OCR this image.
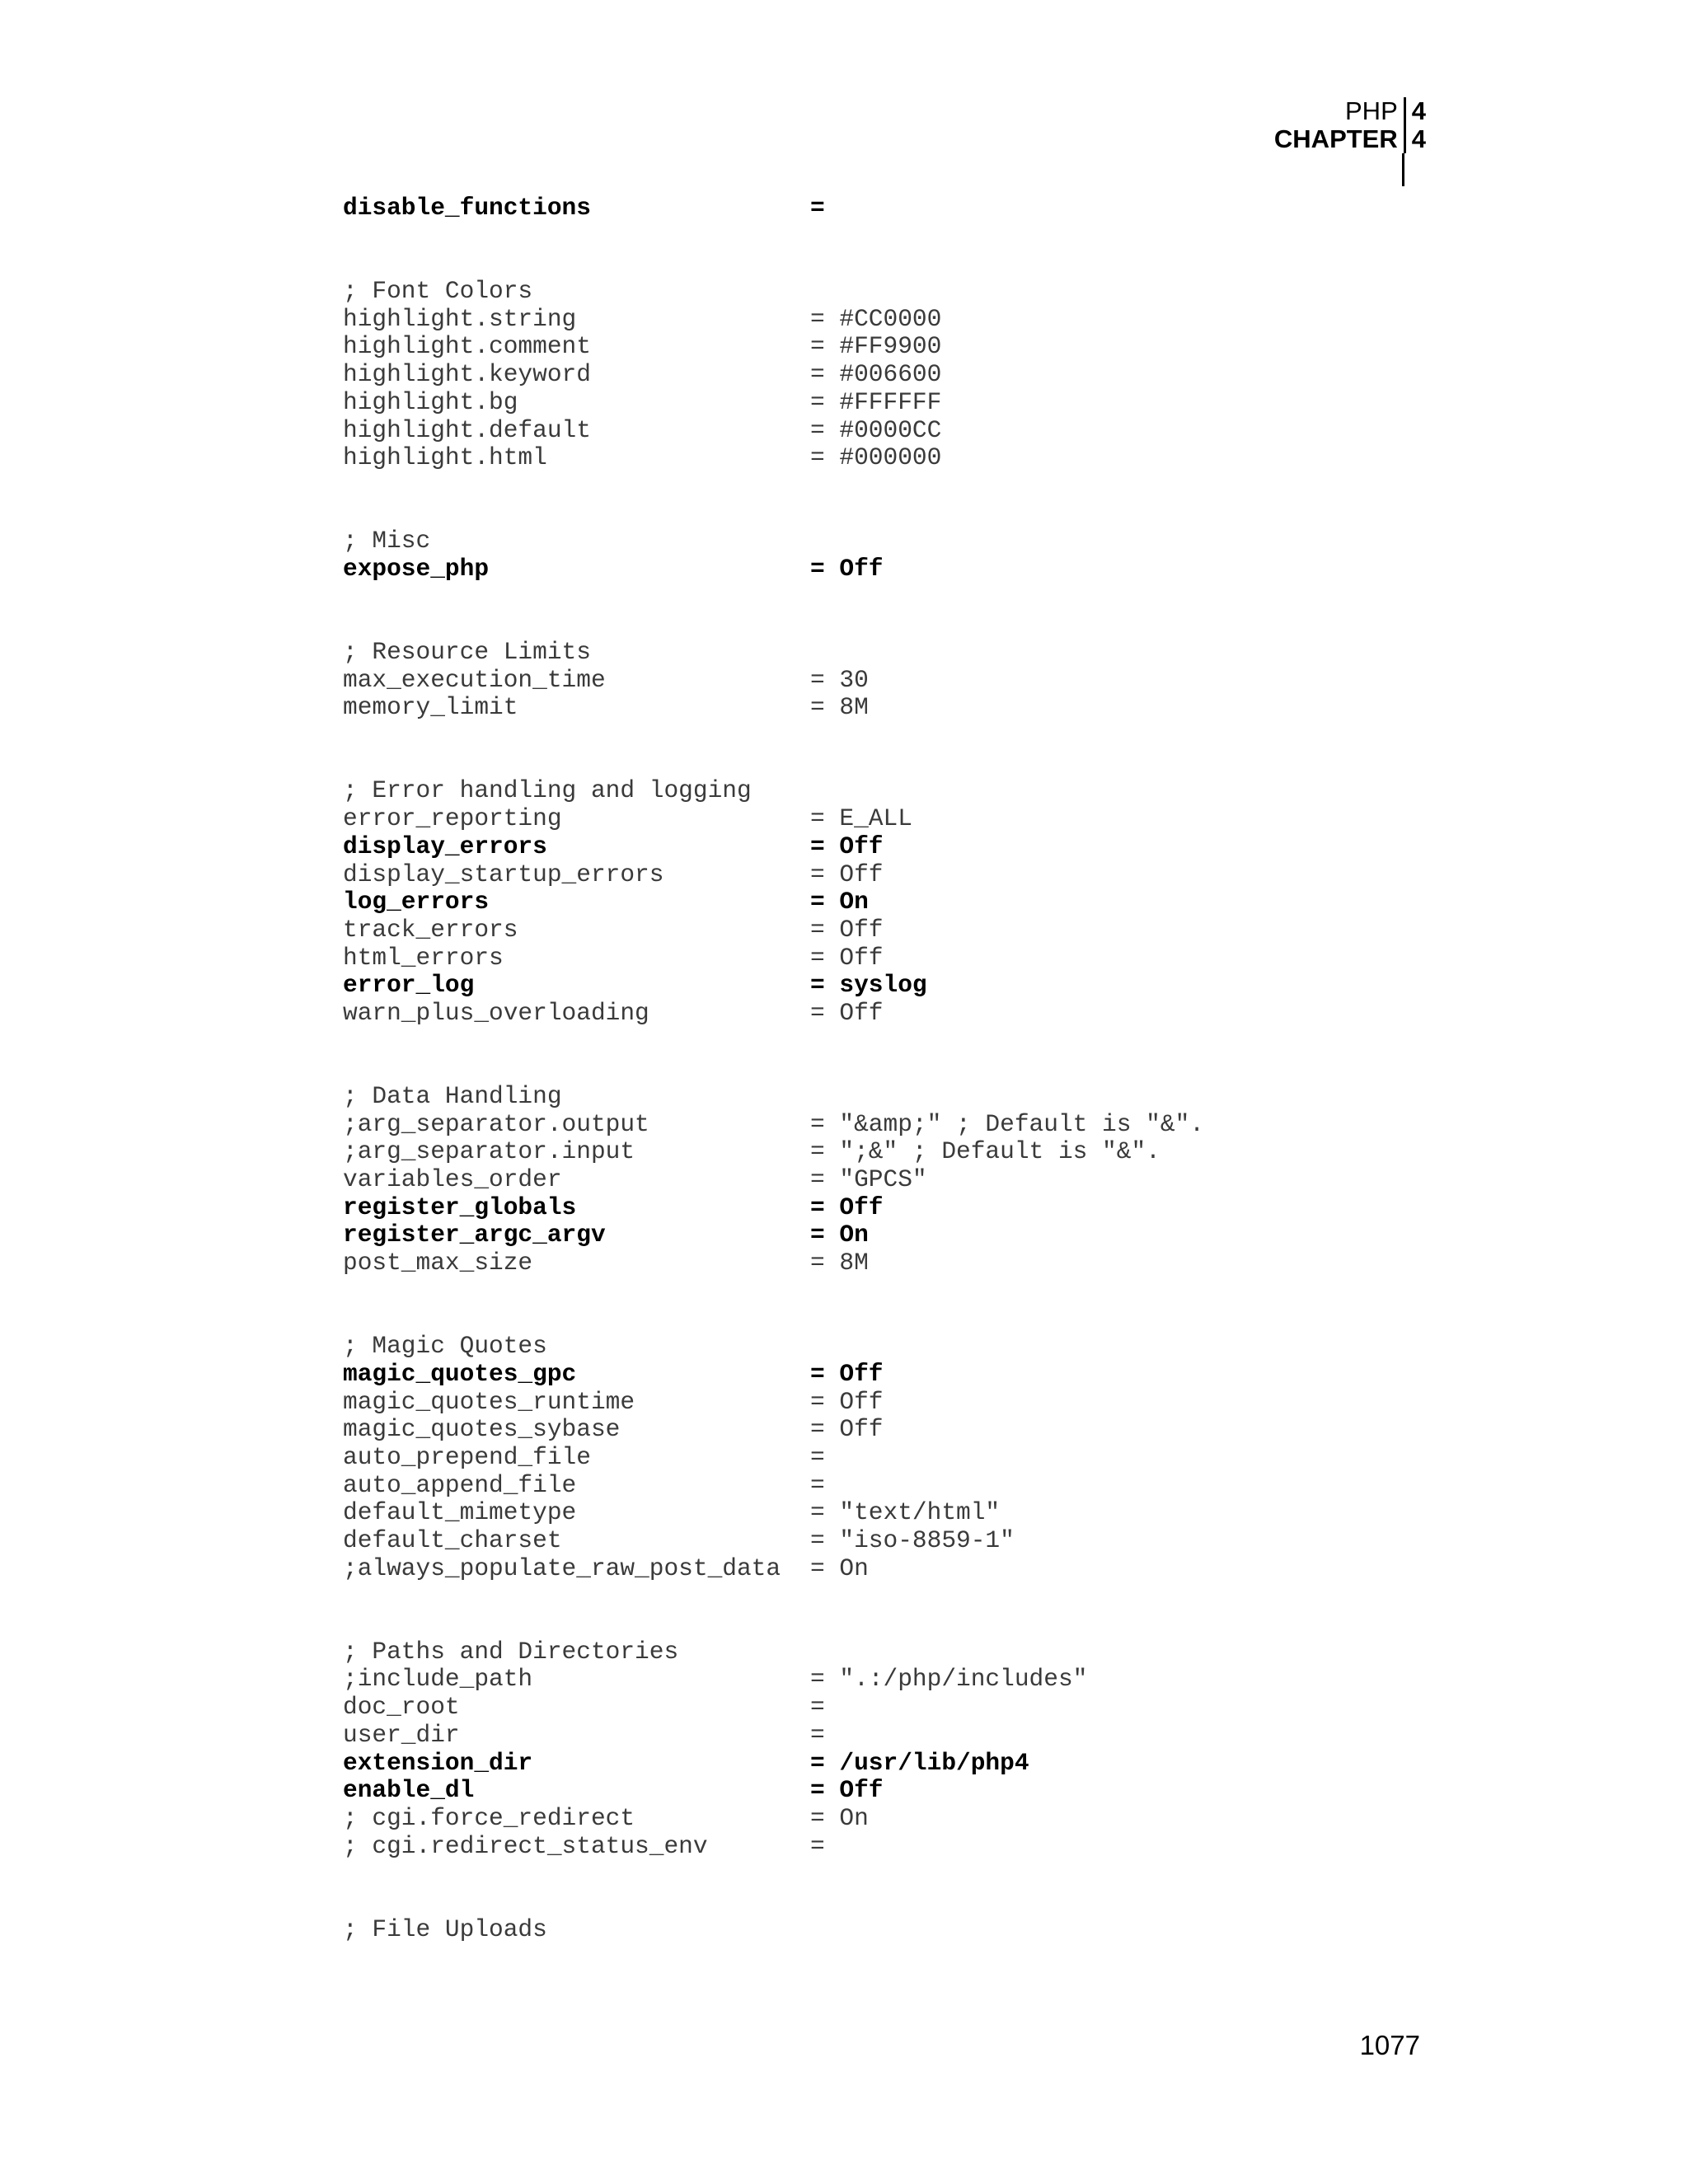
PHP 4
CHAPTER 4
disable_functions	=
; Font Colors
highlight.string	= #CC0000
highlight.comment	= #FF9900
highlight.keyword	= #006600
highlight.bg	= #FFFFFF
highlight.default	= #0000CC
highlight.html	= #000000
; Misc
expose_php	= Off
; Resource Limits
max_execution_time	= 30
memory_limit	= 8M
; Error handling and logging
error_reporting	= E_ALL
display_errors	= Off
display_startup_errors	= Off
log_errors	= On
track_errors	= Off
html_errors	= Off
error_log	= syslog
warn_plus_overloading	= Off
; Data Handling
;arg_separator.output	= "&amp;" ; Default is "&".
;arg_separator.input	= ";&" ; Default is "&".
variables_order	= "GPCS"
register_globals	= Off
register_argc_argv	= On
post_max_size	= 8M
; Magic Quotes
magic_quotes_gpc	= Off
magic_quotes_runtime	= Off
magic_quotes_sybase	= Off
auto_prepend_file	=
auto_append_file	=
default_mimetype	= "text/html"
default_charset	= "iso-8859-1"
;always_populate_raw_post_data = On
; Paths and Directories
;include_path	= ".:/php/includes"
doc_root	=
user_dir	=
extension_dir	= /usr/lib/php4
enable_dl	= Off
; cgi.force_redirect	= On
; cgi.redirect_status_env	=
; File Uploads
1077
